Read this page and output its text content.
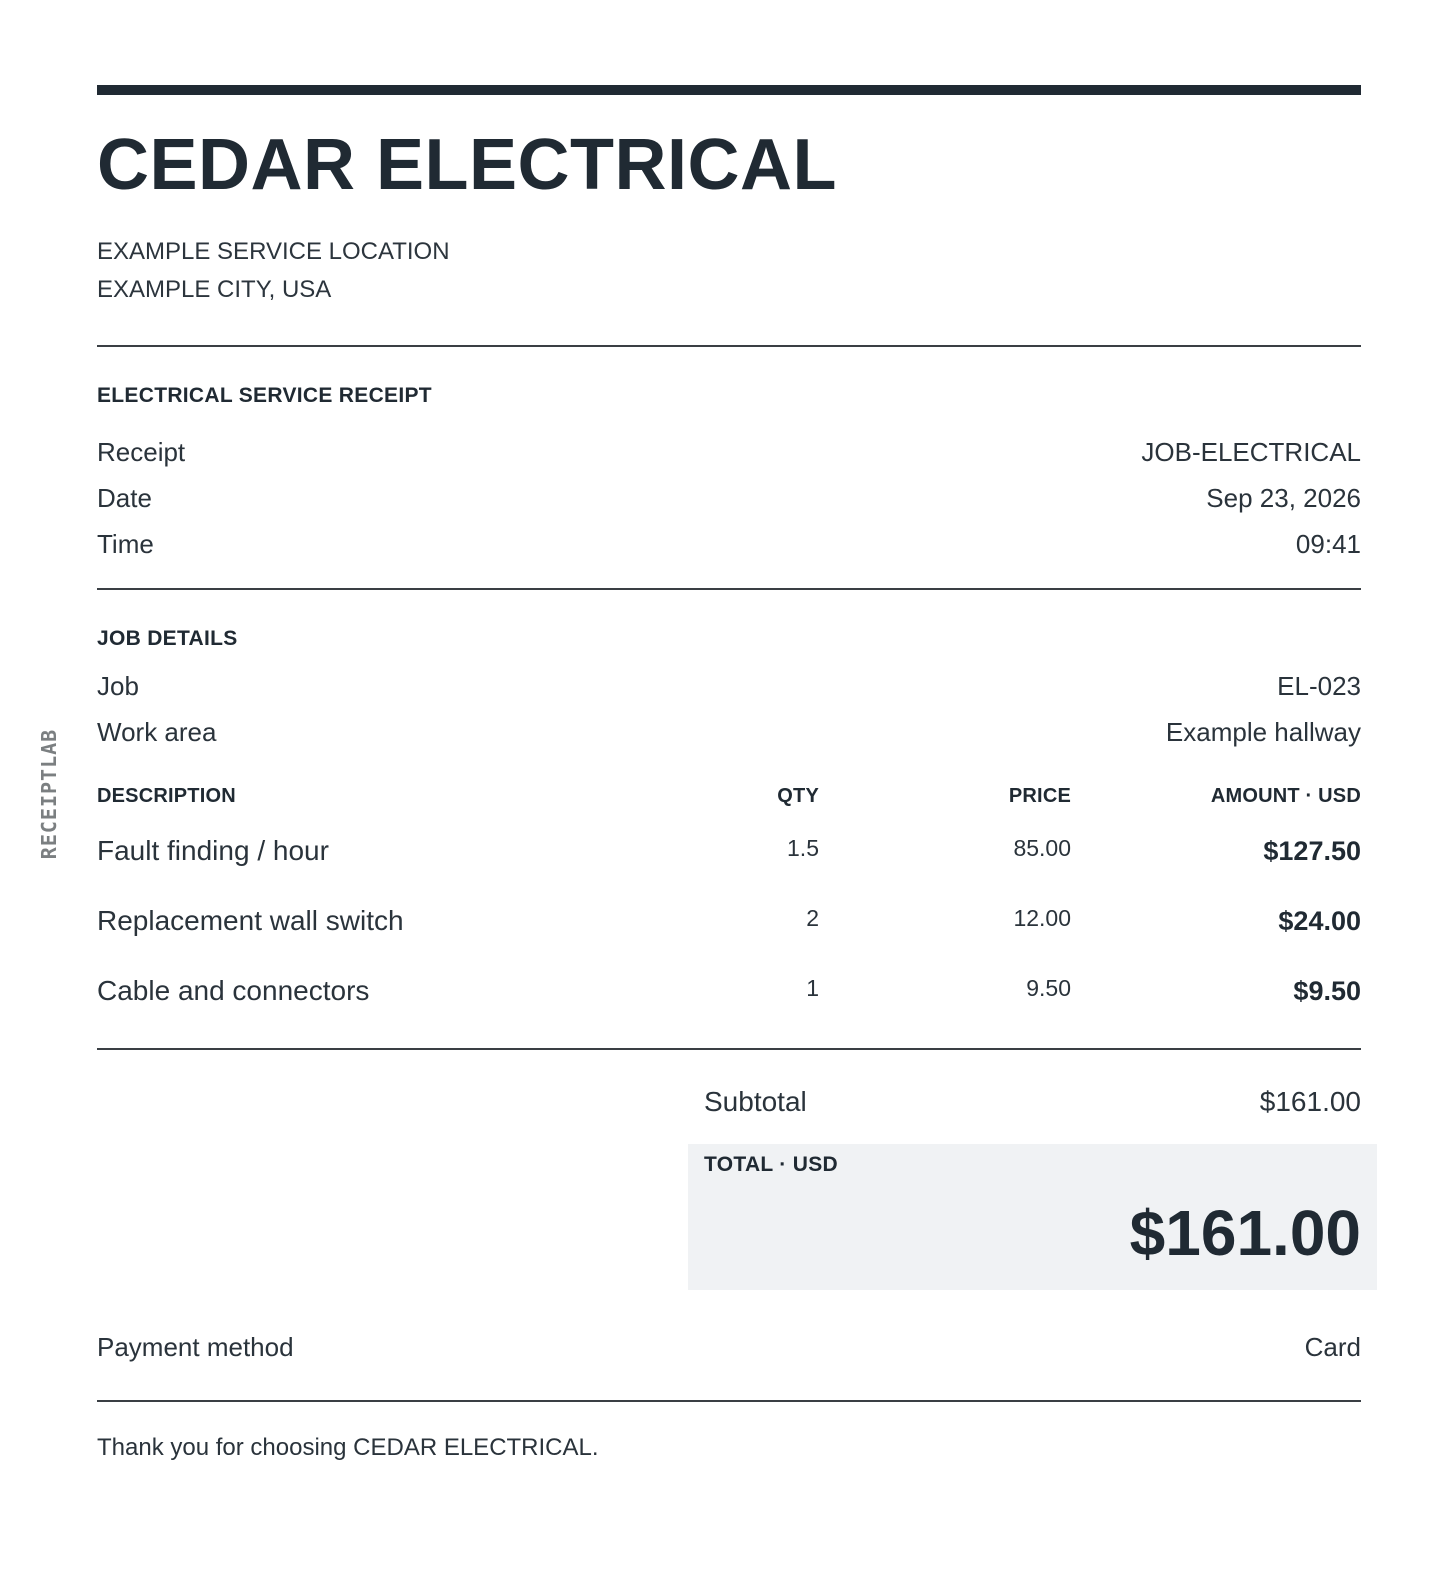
RECEIPTLAB
CEDAR ELECTRICAL
EXAMPLE SERVICE LOCATION
EXAMPLE CITY, USA
ELECTRICAL SERVICE RECEIPT
Receipt	JOB-ELECTRICAL
Date	Sep 23, 2026
Time	09:41
JOB DETAILS
Job	EL-023
Work area	Example hallway
DESCRIPTION	QTY	PRICE	AMOUNT · USD
Fault finding / hour	1.5	85.00	$127.50
Replacement wall switch	2	12.00	$24.00
Cable and connectors	1	9.50	$9.50
Subtotal	$161.00
TOTAL · USD
$161.00
Payment method	Card
Thank you for choosing CEDAR ELECTRICAL.
